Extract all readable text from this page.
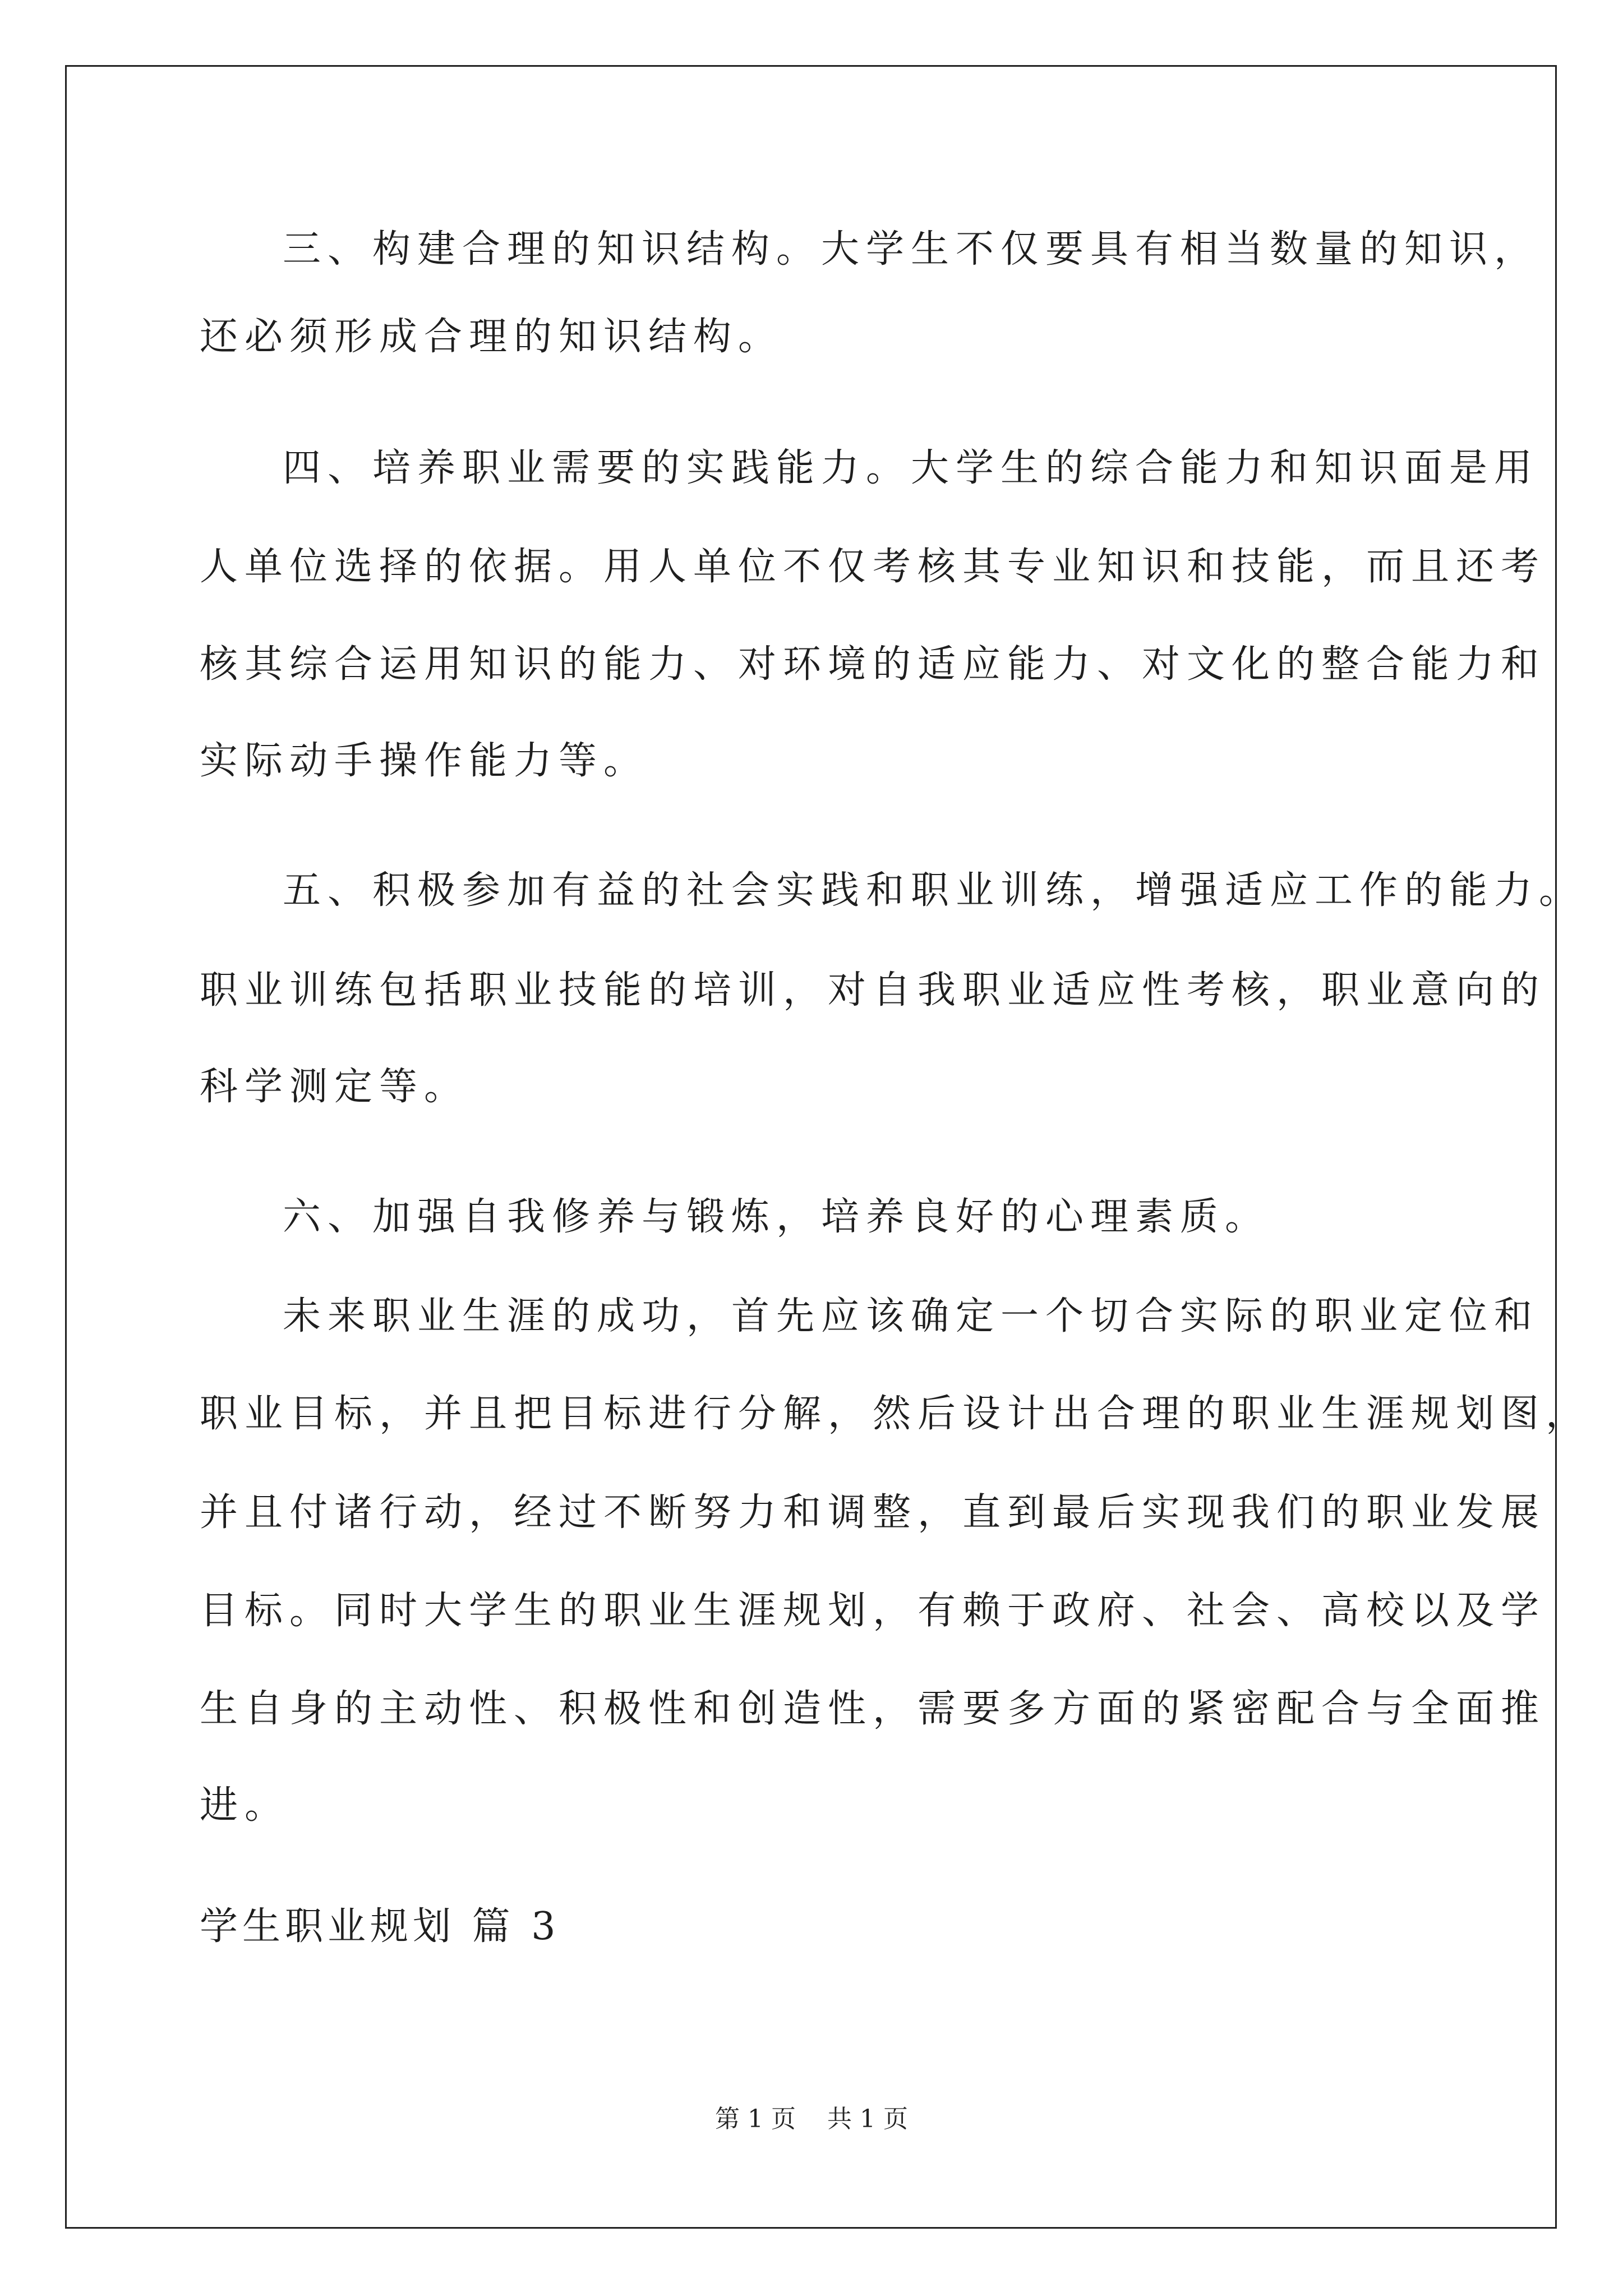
三、构建合理的知识结构。大学生不仅要具有相当数量的知识，
还必须形成合理的知识结构。
四、培养职业需要的实践能力。大学生的综合能力和知识面是用
人单位选择的依据。用人单位不仅考核其专业知识和技能，而且还考
核其综合运用知识的能力、对环境的适应能力、对文化的整合能力和
实际动手操作能力等。
五、积极参加有益的社会实践和职业训练，增强适应工作的能力。
职业训练包括职业技能的培训，对自我职业适应性考核，职业意向的
科学测定等。
六、加强自我修养与锻炼，培养良好的心理素质。
未来职业生涯的成功，首先应该确定一个切合实际的职业定位和
职业目标，并且把目标进行分解，然后设计出合理的职业生涯规划图，
并且付诸行动，经过不断努力和调整，直到最后实现我们的职业发展
目标。同时大学生的职业生涯规划，有赖于政府、社会、高校以及学
生自身的主动性、积极性和创造性，需要多方面的紧密配合与全面推
进。
学生职业规划 篇 3
第 1 页 共 1 页
